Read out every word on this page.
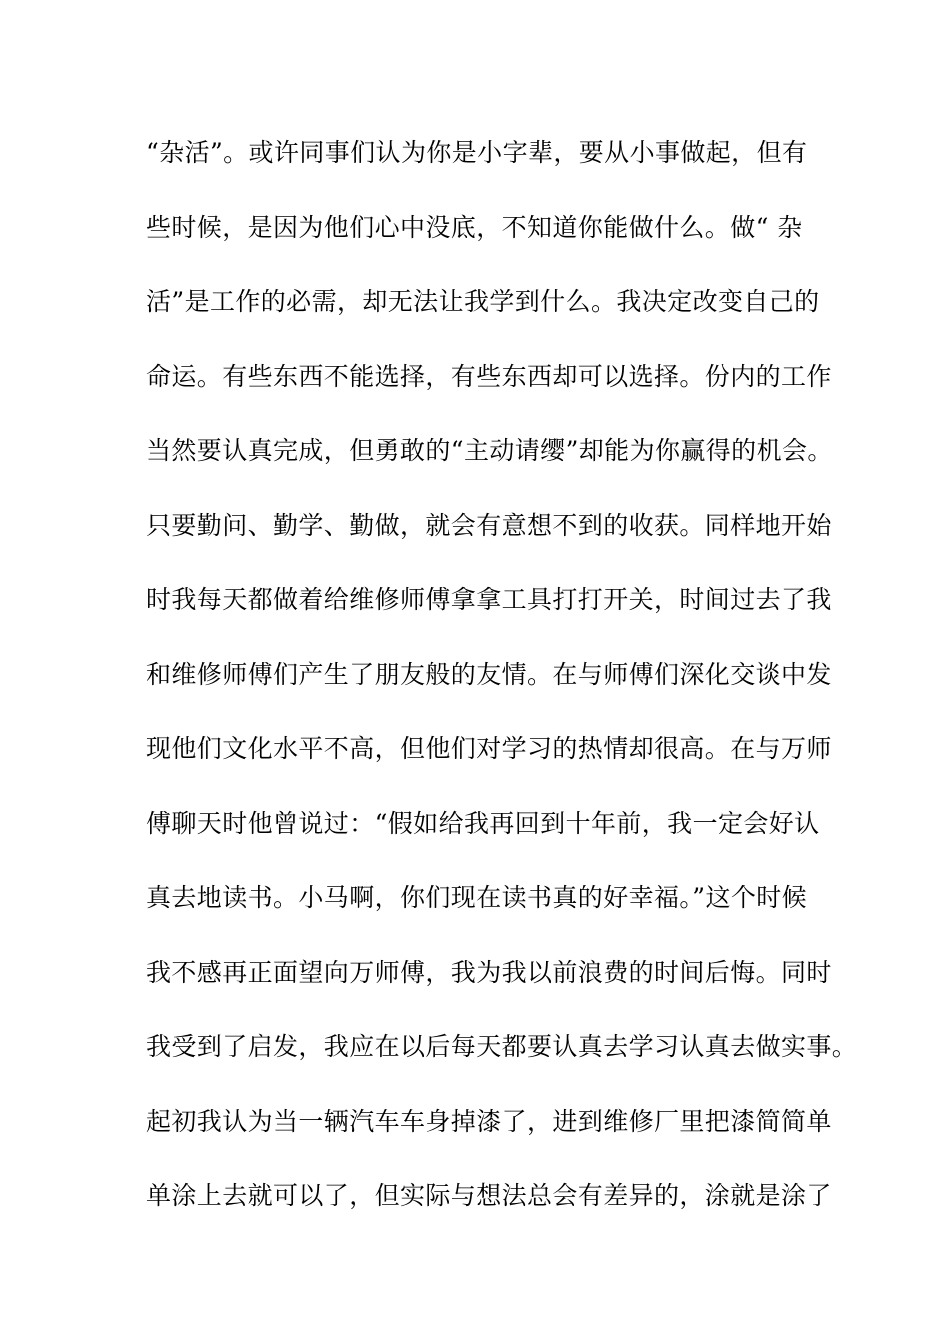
“杂活”。或许同事们认为你是小字辈，要从小事做起，但有
些时候，是因为他们心中没底，不知道你能做什么。做“ 杂
活”是工作的必需，却无法让我学到什么。我决定改变自己的
命运。有些东西不能选择，有些东西却可以选择。份内的工作
当然要认真完成，但勇敢的“主动请缨”却能为你赢得的机会。
只要勤问、勤学、勤做，就会有意想不到的收获。同样地开始
时我每天都做着给维修师傅拿拿工具打打开关，时间过去了我
和维修师傅们产生了朋友般的友情。在与师傅们深化交谈中发
现他们文化水平不高，但他们对学习的热情却很高。在与万师
傅聊天时他曾说过：“假如给我再回到十年前，我一定会好认
真去地读书。小马啊，你们现在读书真的好幸福。”这个时候
我不感再正面望向万师傅，我为我以前浪费的时间后悔。同时
我受到了启发，我应在以后每天都要认真去学习认真去做实事。
起初我认为当一辆汽车车身掉漆了，进到维修厂里把漆简简单
单涂上去就可以了，但实际与想法总会有差异的，涂就是涂了
